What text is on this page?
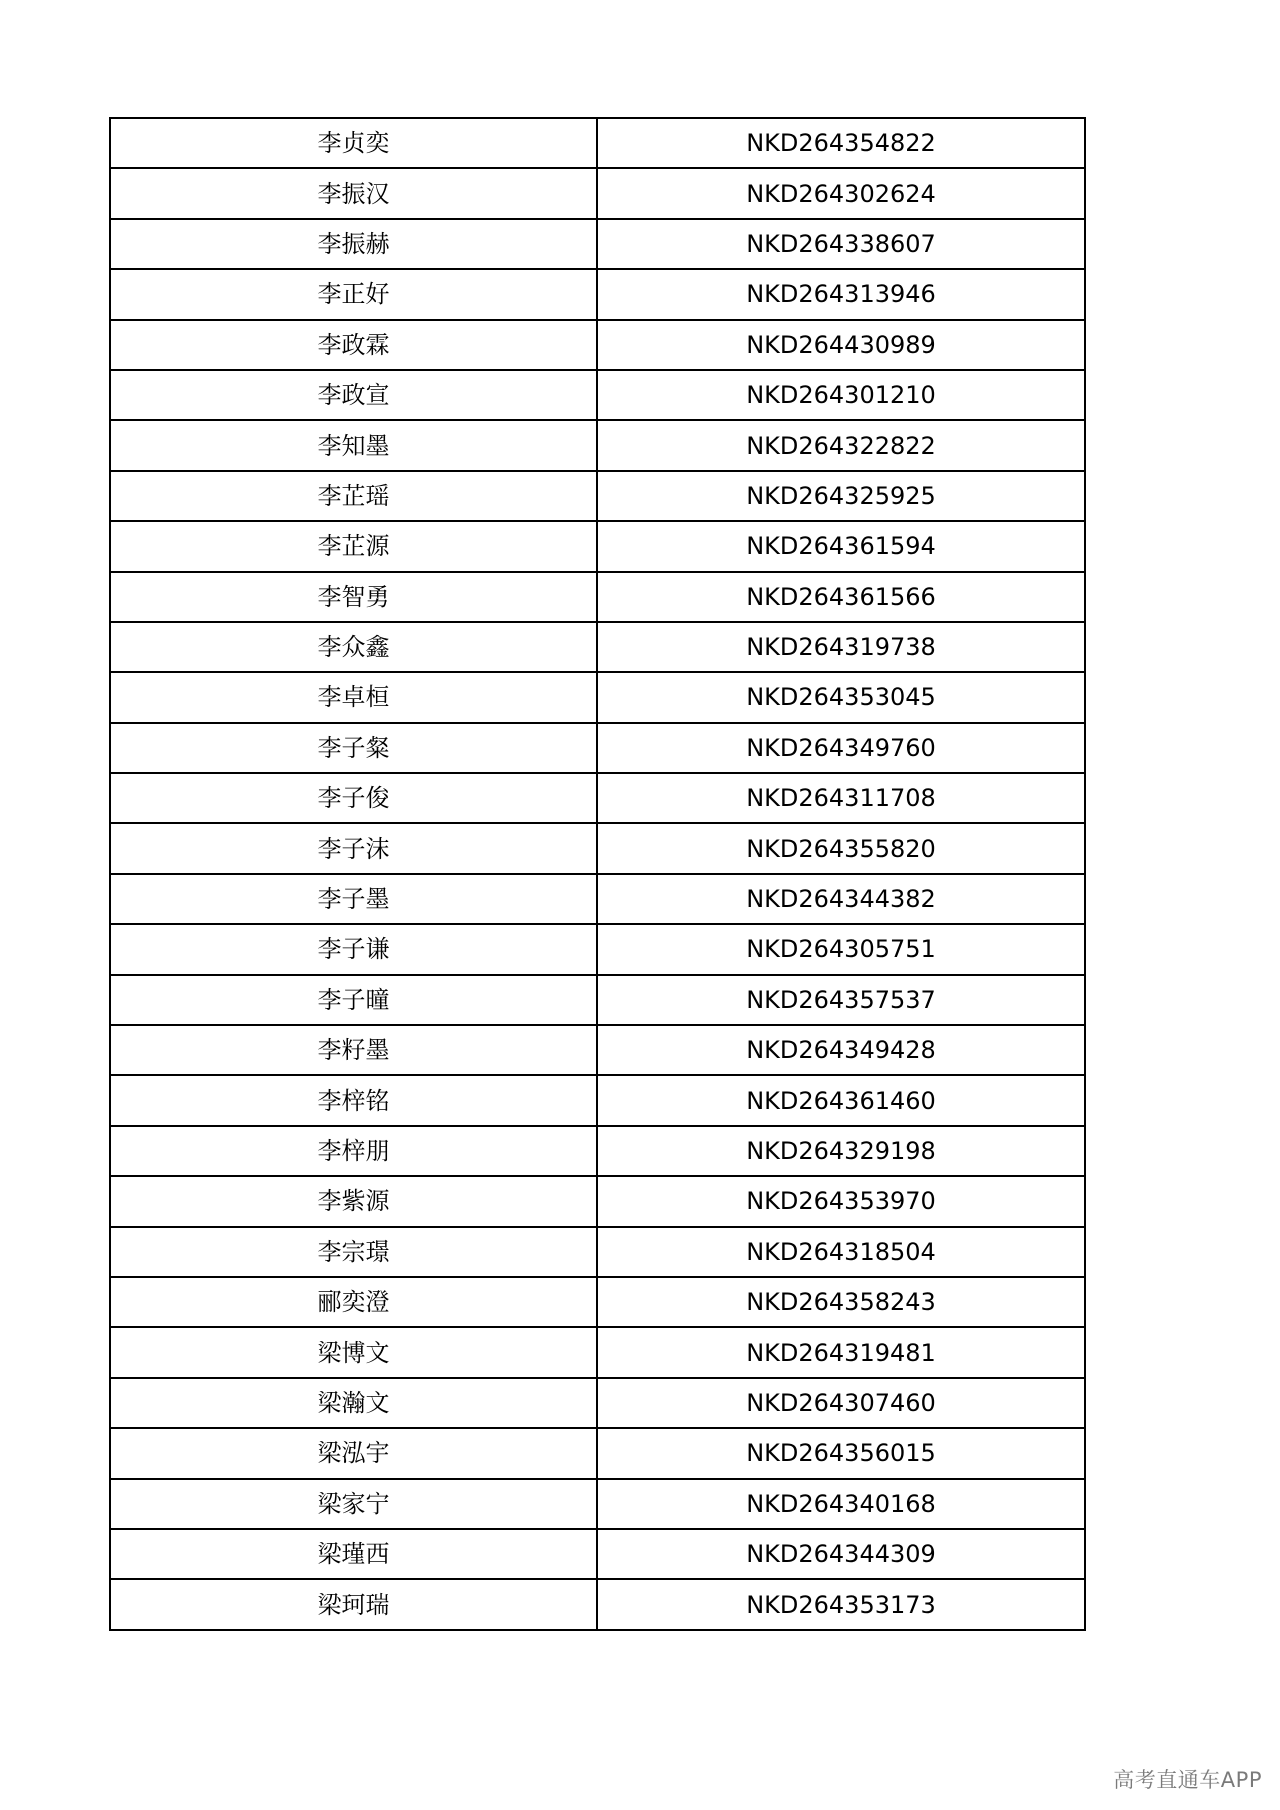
李贞奕	NKD264354822
李振汉	NKD264302624
李振赫	NKD264338607
李正好	NKD264313946
李政霖	NKD264430989
李政宣	NKD264301210
李知墨	NKD264322822
李芷瑶	NKD264325925
李芷源	NKD264361594
李智勇	NKD264361566
李众鑫	NKD264319738
李卓桓	NKD264353045
李子粲	NKD264349760
李子俊	NKD264311708
李子沫	NKD264355820
李子墨	NKD264344382
李子谦	NKD264305751
李子曈	NKD264357537
李籽墨	NKD264349428
李梓铭	NKD264361460
李梓朋	NKD264329198
李紫源	NKD264353970
李宗璟	NKD264318504
郦奕澄	NKD264358243
梁博文	NKD264319481
梁瀚文	NKD264307460
梁泓宇	NKD264356015
梁家宁	NKD264340168
梁瑾西	NKD264344309
梁珂瑞	NKD264353173
高考直通车APP
